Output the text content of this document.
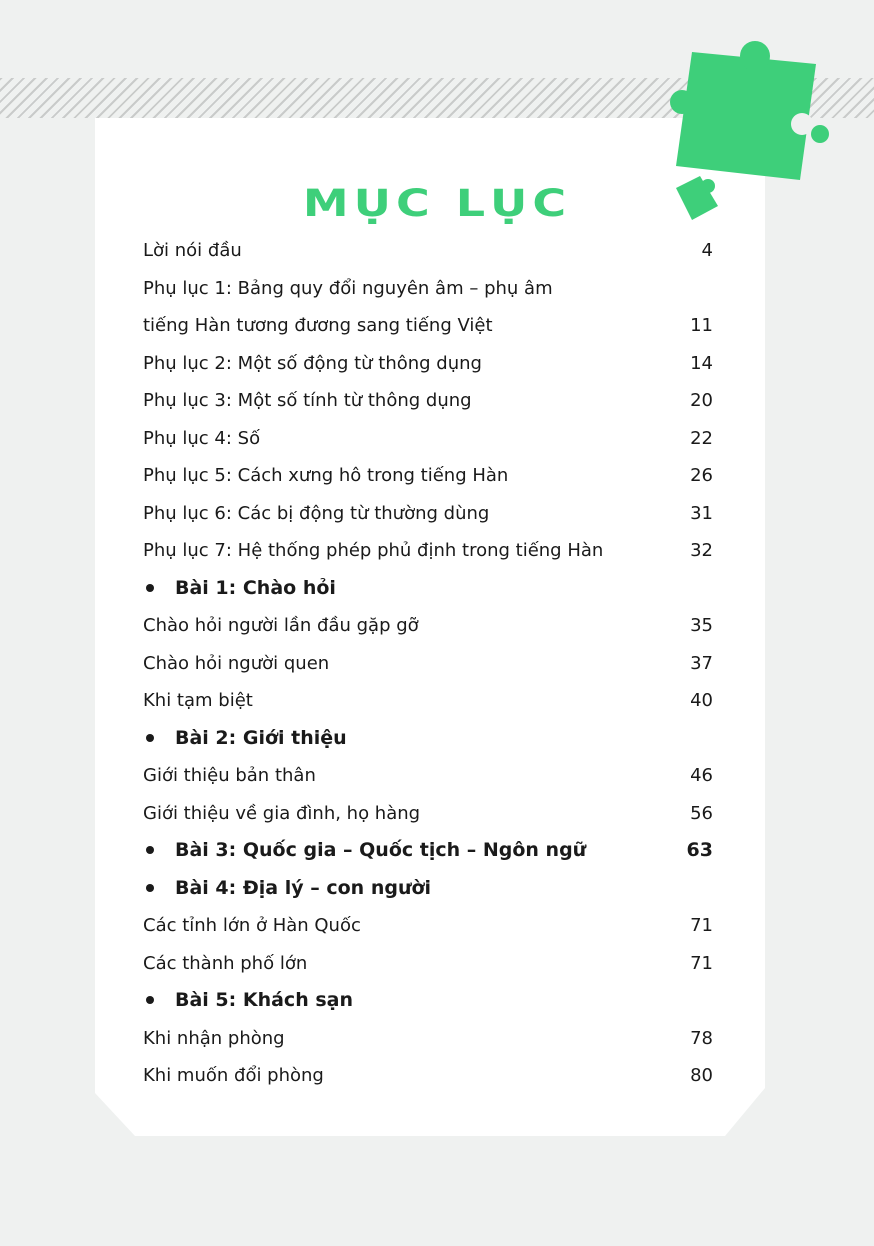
MỤC LỤC
Lời nói đầu	4
Phụ lục 1: Bảng quy đổi nguyên âm – phụ âm
tiếng Hàn tương đương sang tiếng Việt	11
Phụ lục 2: Một số động từ thông dụng	14
Phụ lục 3: Một số tính từ thông dụng	20
Phụ lục 4: Số	22
Phụ lục 5: Cách xưng hô trong tiếng Hàn	26
Phụ lục 6: Các bị động từ thường dùng	31
Phụ lục 7: Hệ thống phép phủ định trong tiếng Hàn	32
Bài 1: Chào hỏi
Chào hỏi người lần đầu gặp gỡ	35
Chào hỏi người quen	37
Khi tạm biệt	40
Bài 2: Giới thiệu
Giới thiệu bản thân	46
Giới thiệu về gia đình, họ hàng	56
Bài 3: Quốc gia – Quốc tịch – Ngôn ngữ	63
Bài 4: Địa lý – con người
Các tỉnh lớn ở Hàn Quốc	71
Các thành phố lớn	71
Bài 5: Khách sạn
Khi nhận phòng	78
Khi muốn đổi phòng	80
